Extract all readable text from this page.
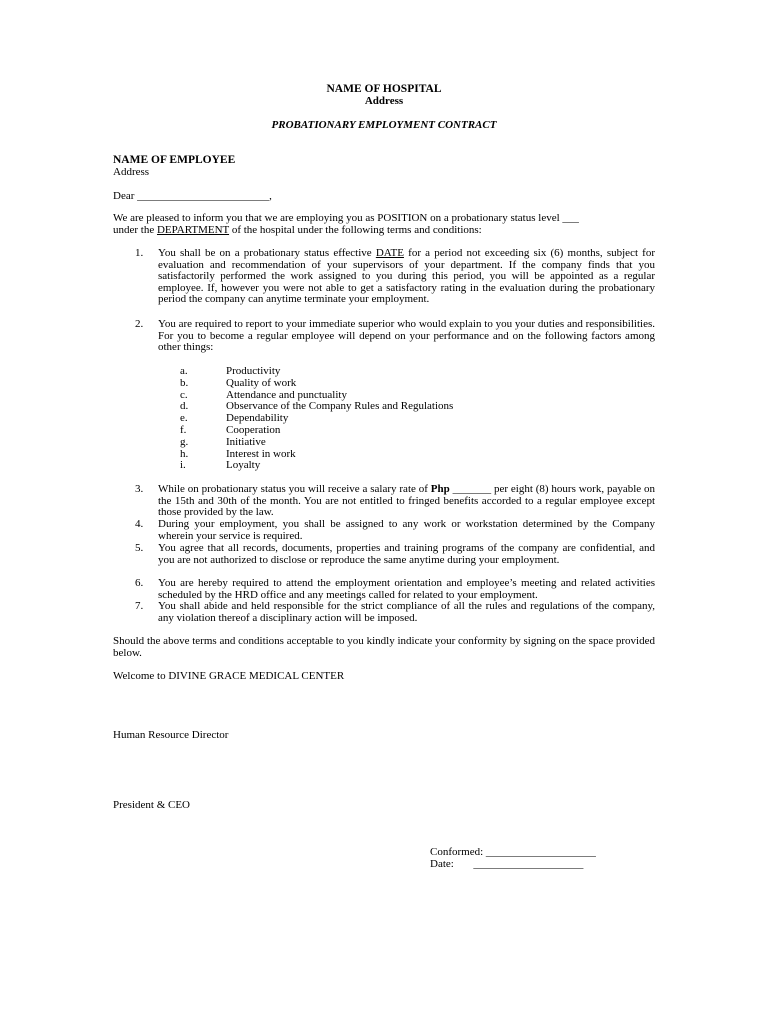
NAME OF HOSPITAL
Address
PROBATIONARY EMPLOYMENT CONTRACT
NAME OF EMPLOYEE
Address
Dear ________________________,
We are pleased to inform you that we are employing you as POSITION on a probationary status level ___
under the DEPARTMENT of the hospital under the following terms and conditions:
1.	You shall be on a probationary status effective DATE for a period not exceeding six (6) months, subject for evaluation and recommendation of your supervisors of your department. If the company finds that you satisfactorily performed the work assigned to you during this period, you will be appointed as a regular employee. If, however you were not able to get a satisfactory rating in the evaluation during the probationary period the company can anytime terminate your employment.
2.	You are required to report to your immediate superior who would explain to you your duties and responsibilities. For you to become a regular employee will depend on your performance and on the following factors among other things:
a.	Productivity
b.	Quality of work
c.	Attendance and punctuality
d.	Observance of the Company Rules and Regulations
e.	Dependability
f.	Cooperation
g.	Initiative
h.	Interest in work
i.	Loyalty
3.	While on probationary status you will receive a salary rate of Php _______ per eight (8) hours work, payable on the 15th and 30th of the month. You are not entitled to fringed benefits accorded to a regular employee except those provided by the law.
4.	During your employment, you shall be assigned to any work or workstation determined by the Company wherein your service is required.
5.	You agree that all records, documents, properties and training programs of the company are confidential, and you are not authorized to disclose or reproduce the same anytime during your employment.
6.	You are hereby required to attend the employment orientation and employee’s meeting and related activities scheduled by the HRD office and any meetings called for related to your employment.
7.	You shall abide and held responsible for the strict compliance of all the rules and regulations of the company, any violation thereof a disciplinary action will be imposed.
Should the above terms and conditions acceptable to you kindly indicate your conformity by signing on the space provided below.
Welcome to DIVINE GRACE MEDICAL CENTER
Human Resource Director
President & CEO
Conformed: ____________________
Date: ____________________
